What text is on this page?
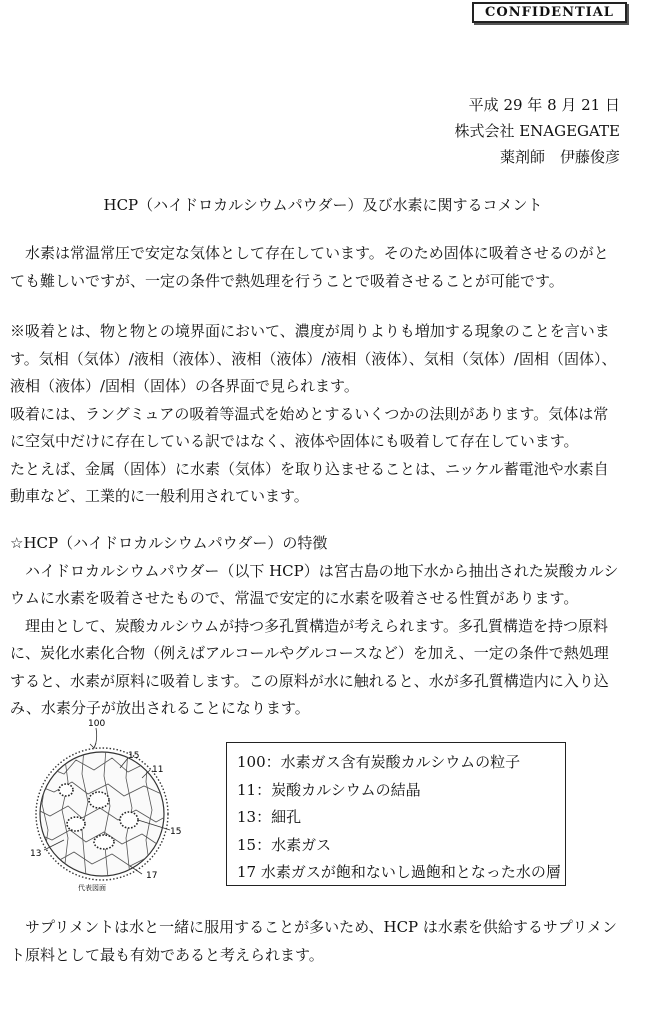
CONFIDENTIAL
平成 29 年 8 月 21 日
株式会社 ENAGEGATE
薬剤師　伊藤俊彦
HCP（ハイドロカルシウムパウダー）及び水素に関するコメント
　水素は常温常圧で安定な気体として存在しています。そのため固体に吸着させるのがと
ても難しいですが、一定の条件で熱処理を行うことで吸着させることが可能です。
※吸着とは、物と物との境界面において、濃度が周りよりも増加する現象のことを言いま
す。気相（気体）/液相（液体）、液相（液体）/液相（液体）、気相（気体）/固相（固体）、
液相（液体）/固相（固体）の各界面で見られます。
吸着には、ラングミュアの吸着等温式を始めとするいくつかの法則があります。気体は常
に空気中だけに存在している訳ではなく、液体や固体にも吸着して存在しています。
たとえば、金属（固体）に水素（気体）を取り込ませることは、ニッケル蓄電池や水素自
動車など、工業的に一般利用されています。
☆HCP（ハイドロカルシウムパウダー）の特徴
　ハイドロカルシウムパウダー（以下 HCP）は宮古島の地下水から抽出された炭酸カルシ
ウムに水素を吸着させたもので、常温で安定的に水素を吸着させる性質があります。
　理由として、炭酸カルシウムが持つ多孔質構造が考えられます。多孔質構造を持つ原料
に、炭化水素化合物（例えばアルコールやグルコースなど）を加え、一定の条件で熱処理
すると、水素が原料に吸着します。この原料が水に触れると、水が多孔質構造内に入り込
み、水素分子が放出されることになります。
100
15
11
15
13
17
代表図面
100：水素ガス含有炭酸カルシウムの粒子
11：炭酸カルシウムの結晶
13：細孔
15：水素ガス
17 水素ガスが飽和ないし過飽和となった水の層
　サプリメントは水と一緒に服用することが多いため、HCP は水素を供給するサプリメン
ト原料として最も有効であると考えられます。
